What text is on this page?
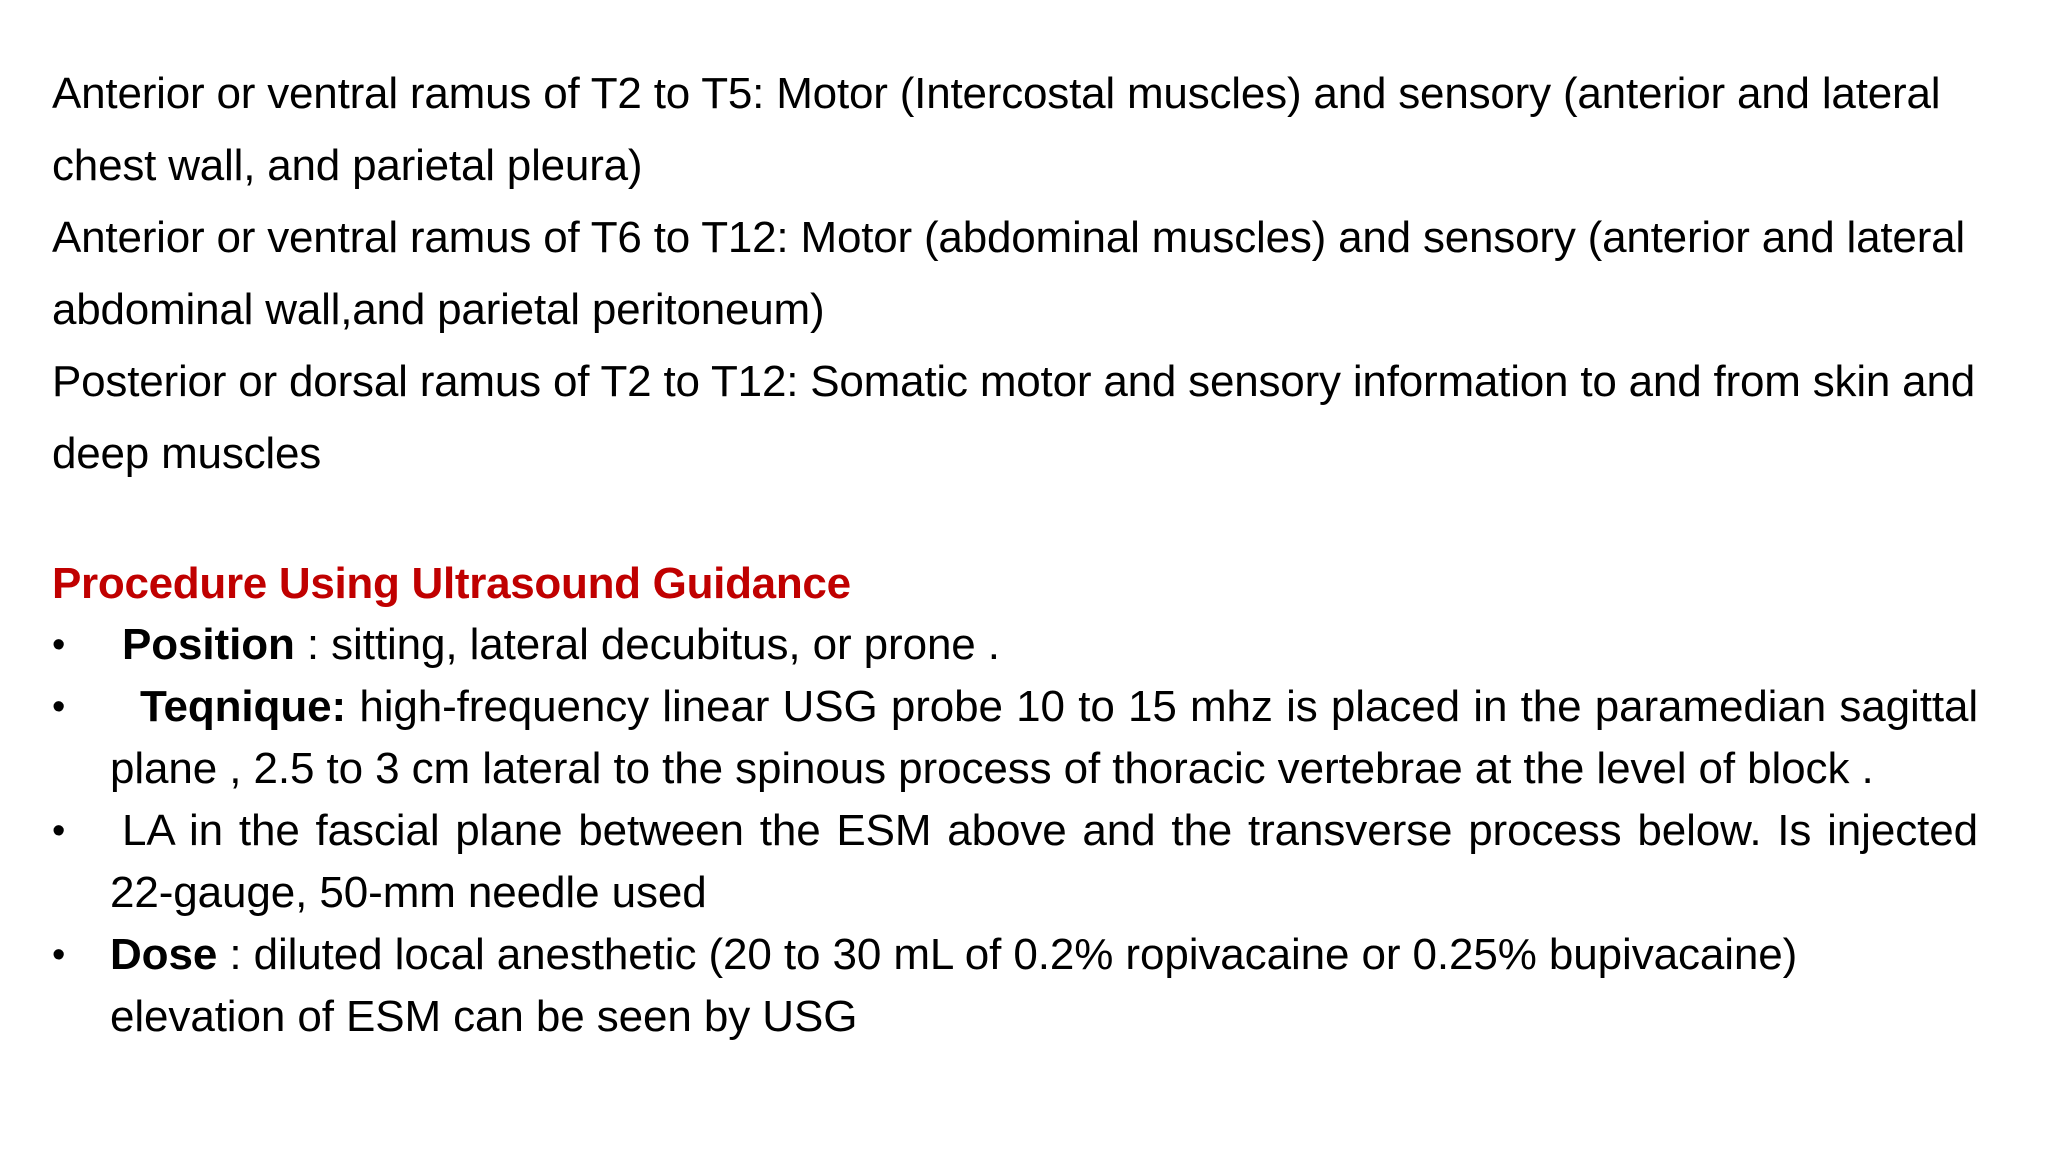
Anterior or ventral ramus of T2 to T5: Motor (Intercostal muscles) and sensory (anterior and lateral chest wall, and parietal pleura)

Anterior or ventral ramus of T6 to T12: Motor (abdominal muscles) and sensory (anterior and lateral abdominal wall,and parietal peritoneum)

Posterior or dorsal ramus of T2 to T12: Somatic motor and sensory information to and from skin and deep muscles

Procedure Using Ultrasound Guidance
• Position : sitting, lateral decubitus, or prone .
• Teqnique: high-frequency linear USG probe 10 to 15 mhz is placed in the paramedian sagittal plane , 2.5 to 3 cm lateral to the spinous process of thoracic vertebrae at the level of block .
• LA in the fascial plane between the ESM above and the transverse process below. Is injected 22-gauge, 50-mm needle used
• Dose : diluted local anesthetic (20 to 30 mL of 0.2% ropivacaine or 0.25% bupivacaine) elevation of ESM can be seen by USG
